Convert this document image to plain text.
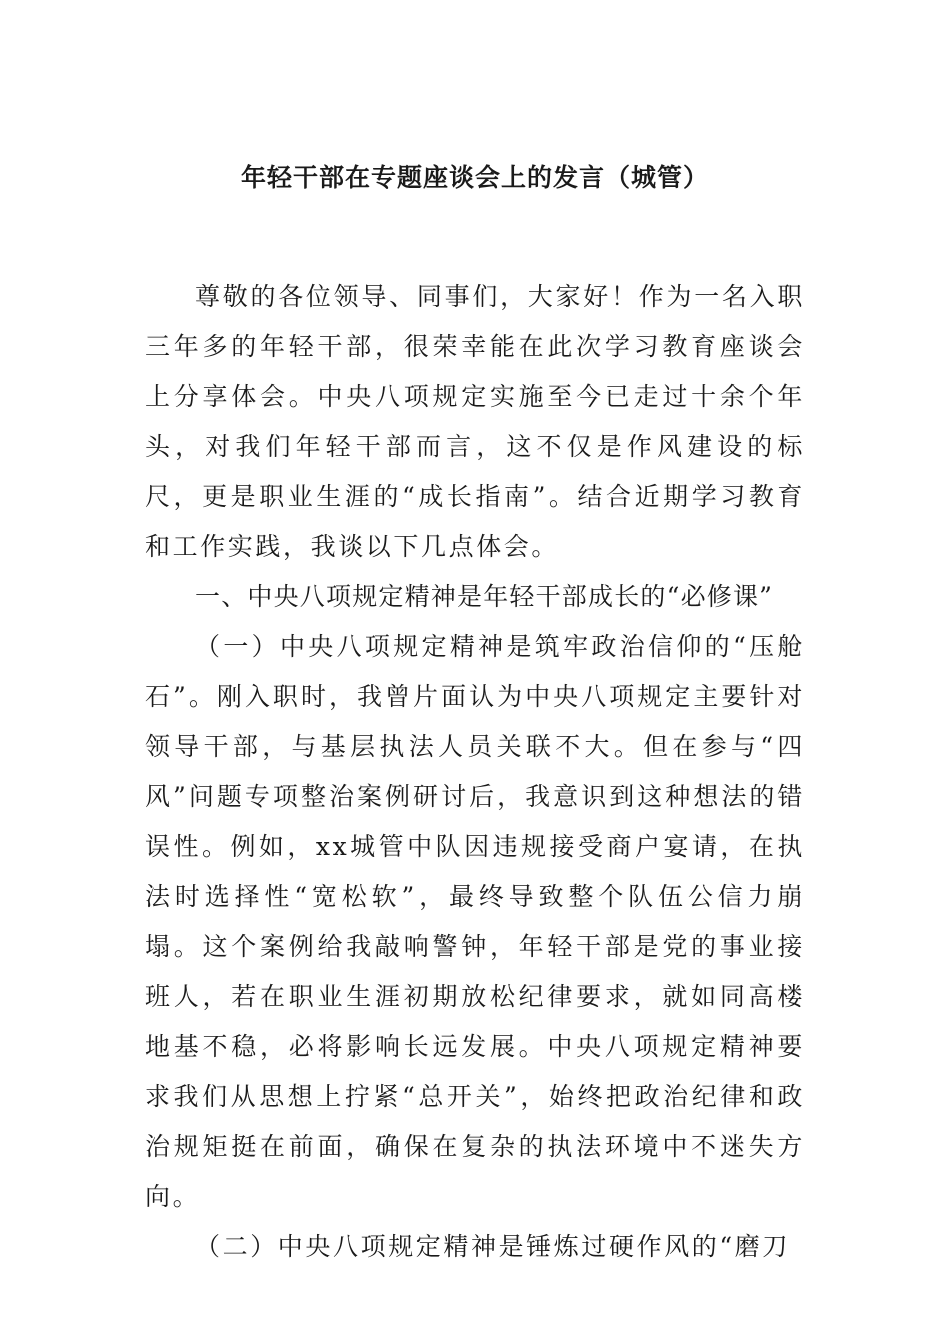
年轻干部在专题座谈会上的发言（城管）

尊敬的各位领导、同事们，大家好！作为一名入职三年多的年轻干部，很荣幸能在此次学习教育座谈会上分享体会。中央八项规定实施至今已走过十余个年头，对我们年轻干部而言，这不仅是作风建设的标尺，更是职业生涯的“成长指南”。结合近期学习教育和工作实践，我谈以下几点体会。

一、中央八项规定精神是年轻干部成长的“必修课”

（一）中央八项规定精神是筑牢政治信仰的“压舱石”。刚入职时，我曾片面认为中央八项规定主要针对领导干部，与基层执法人员关联不大。但在参与“四风”问题专项整治案例研讨后，我意识到这种想法的错误性。例如，xx城管中队因违规接受商户宴请，在执法时选择性“宽松软”，最终导致整个队伍公信力崩塌。这个案例给我敲响警钟，年轻干部是党的事业接班人，若在职业生涯初期放松纪律要求，就如同高楼地基不稳，必将影响长远发展。中央八项规定精神要求我们从思想上拧紧“总开关”，始终把政治纪律和政治规矩挺在前面，确保在复杂的执法环境中不迷失方向。

（二）中央八项规定精神是锤炼过硬作风的“磨刀
